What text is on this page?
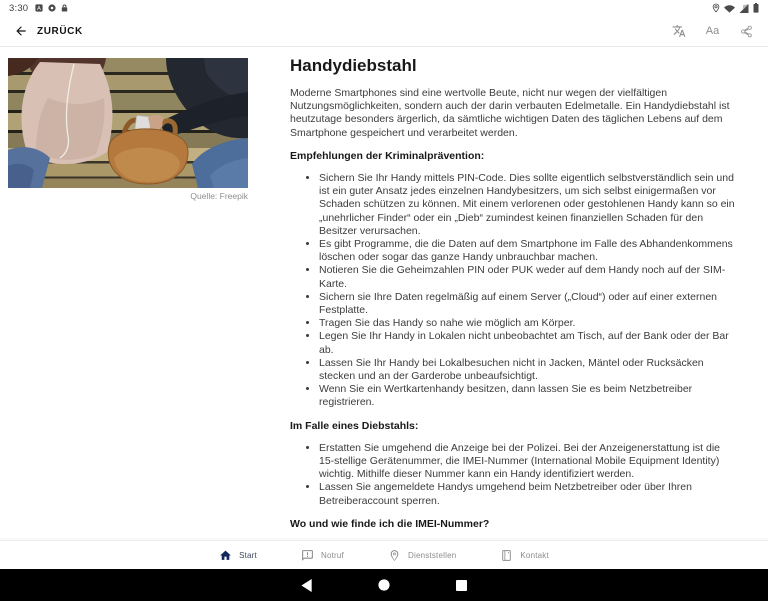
3:30 A
ZURÜCK	Aa
Quelle: Freepik
Handydiebstahl

Moderne Smartphones sind eine wertvolle Beute, nicht nur wegen der vielfältigen Nutzungsmöglichkeiten, sondern auch der darin verbauten Edelmetalle. Ein Handydiebstahl ist heutzutage besonders ärgerlich, da sämtliche wichtigen Daten des täglichen Lebens auf dem Smartphone gespeichert und verarbeitet werden.

Empfehlungen der Kriminalprävention:
• Sichern Sie Ihr Handy mittels PIN-Code. Dies sollte eigentlich selbstverständlich sein und ist ein guter Ansatz jedes einzelnen Handybesitzers, um sich selbst einigermaßen vor Schaden schützen zu können. Mit einem verlorenen oder gestohlenen Handy kann so ein „unehrlicher Finder“ oder ein „Dieb“ zumindest keinen finanziellen Schaden für den Besitzer verursachen.
• Es gibt Programme, die die Daten auf dem Smartphone im Falle des Abhandenkommens löschen oder sogar das ganze Handy unbrauchbar machen.
• Notieren Sie die Geheimzahlen PIN oder PUK weder auf dem Handy noch auf der SIM-Karte.
• Sichern sie Ihre Daten regelmäßig auf einem Server („Cloud“) oder auf einer externen Festplatte.
• Tragen Sie das Handy so nahe wie möglich am Körper.
• Legen Sie Ihr Handy in Lokalen nicht unbeobachtet am Tisch, auf der Bank oder der Bar ab.
• Lassen Sie Ihr Handy bei Lokalbesuchen nicht in Jacken, Mäntel oder Rucksäcken stecken und an der Garderobe unbeaufsichtigt.
• Wenn Sie ein Wertkartenhandy besitzen, dann lassen Sie es beim Netzbetreiber registrieren.
Im Falle eines Diebstahls:
• Erstatten Sie umgehend die Anzeige bei der Polizei. Bei der Anzeigenerstattung ist die 15-stellige Gerätenummer, die IMEI-Nummer (International Mobile Equipment Identity) wichtig. Mithilfe dieser Nummer kann ein Handy identifiziert werden.
• Lassen Sie angemeldete Handys umgehend beim Netzbetreiber oder über Ihren Betreiberaccount sperren.
Wo und wie finde ich die IMEI-Nummer?
Start	Notruf	Dienststellen	Kontakt
